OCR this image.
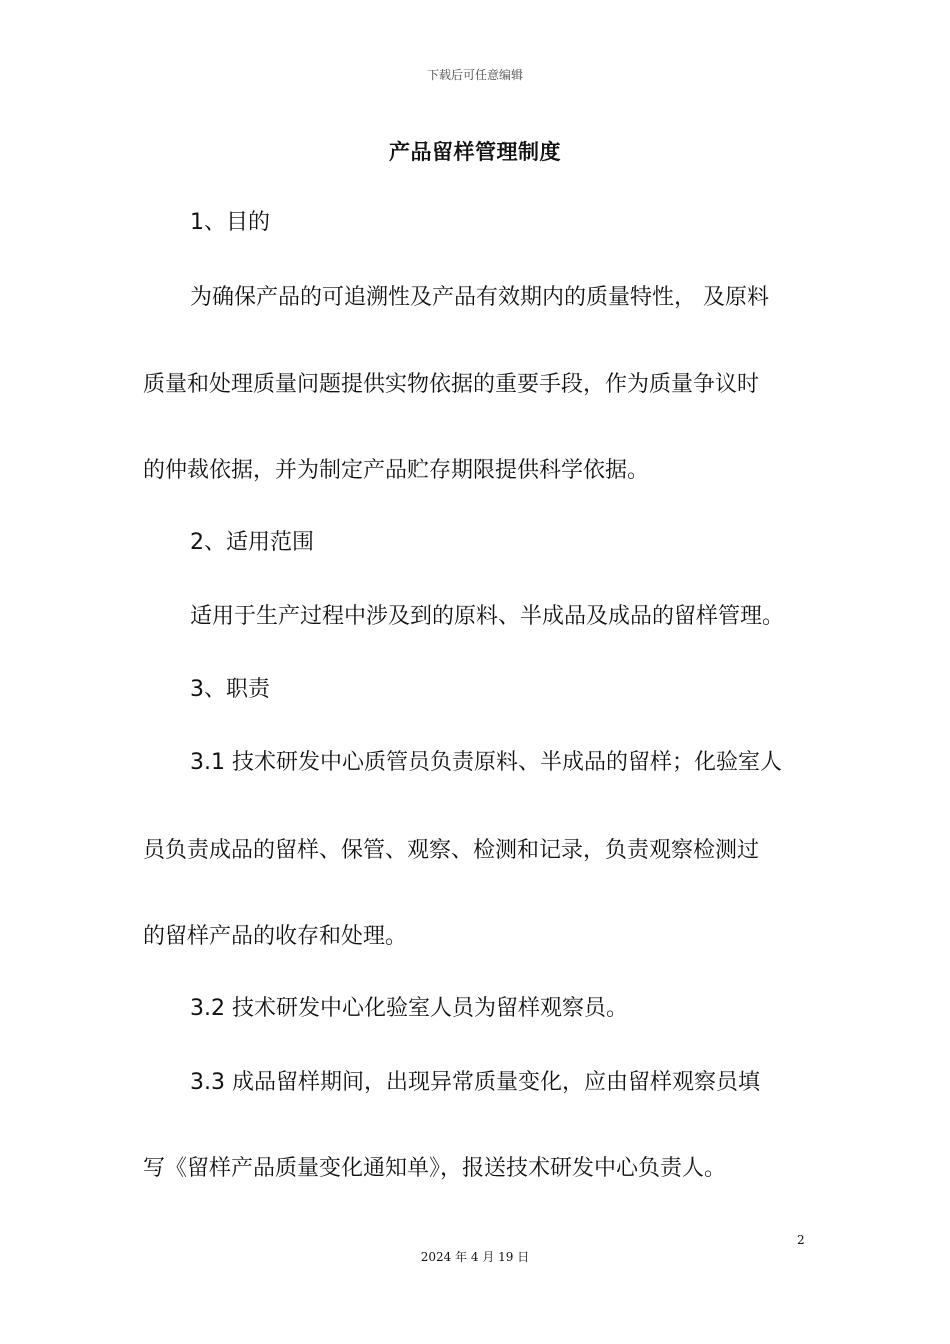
下载后可任意编辑
产品留样管理制度
1、目的
为确保产品的可追溯性及产品有效期内的质量特性， 及原料
质量和处理质量问题提供实物依据的重要手段，作为质量争议时
的仲裁依据，并为制定产品贮存期限提供科学依据。
2、适用范围
适用于生产过程中涉及到的原料、半成品及成品的留样管理。
3、职责
3.1 技术研发中心质管员负责原料、半成品的留样；化验室人
员负责成品的留样、保管、观察、检测和记录，负责观察检测过
的留样产品的收存和处理。
3.2 技术研发中心化验室人员为留样观察员。
3.3 成品留样期间，出现异常质量变化，应由留样观察员填
写《留样产品质量变化通知单》，报送技术研发中心负责人。
2
2024 年 4 月 19 日
